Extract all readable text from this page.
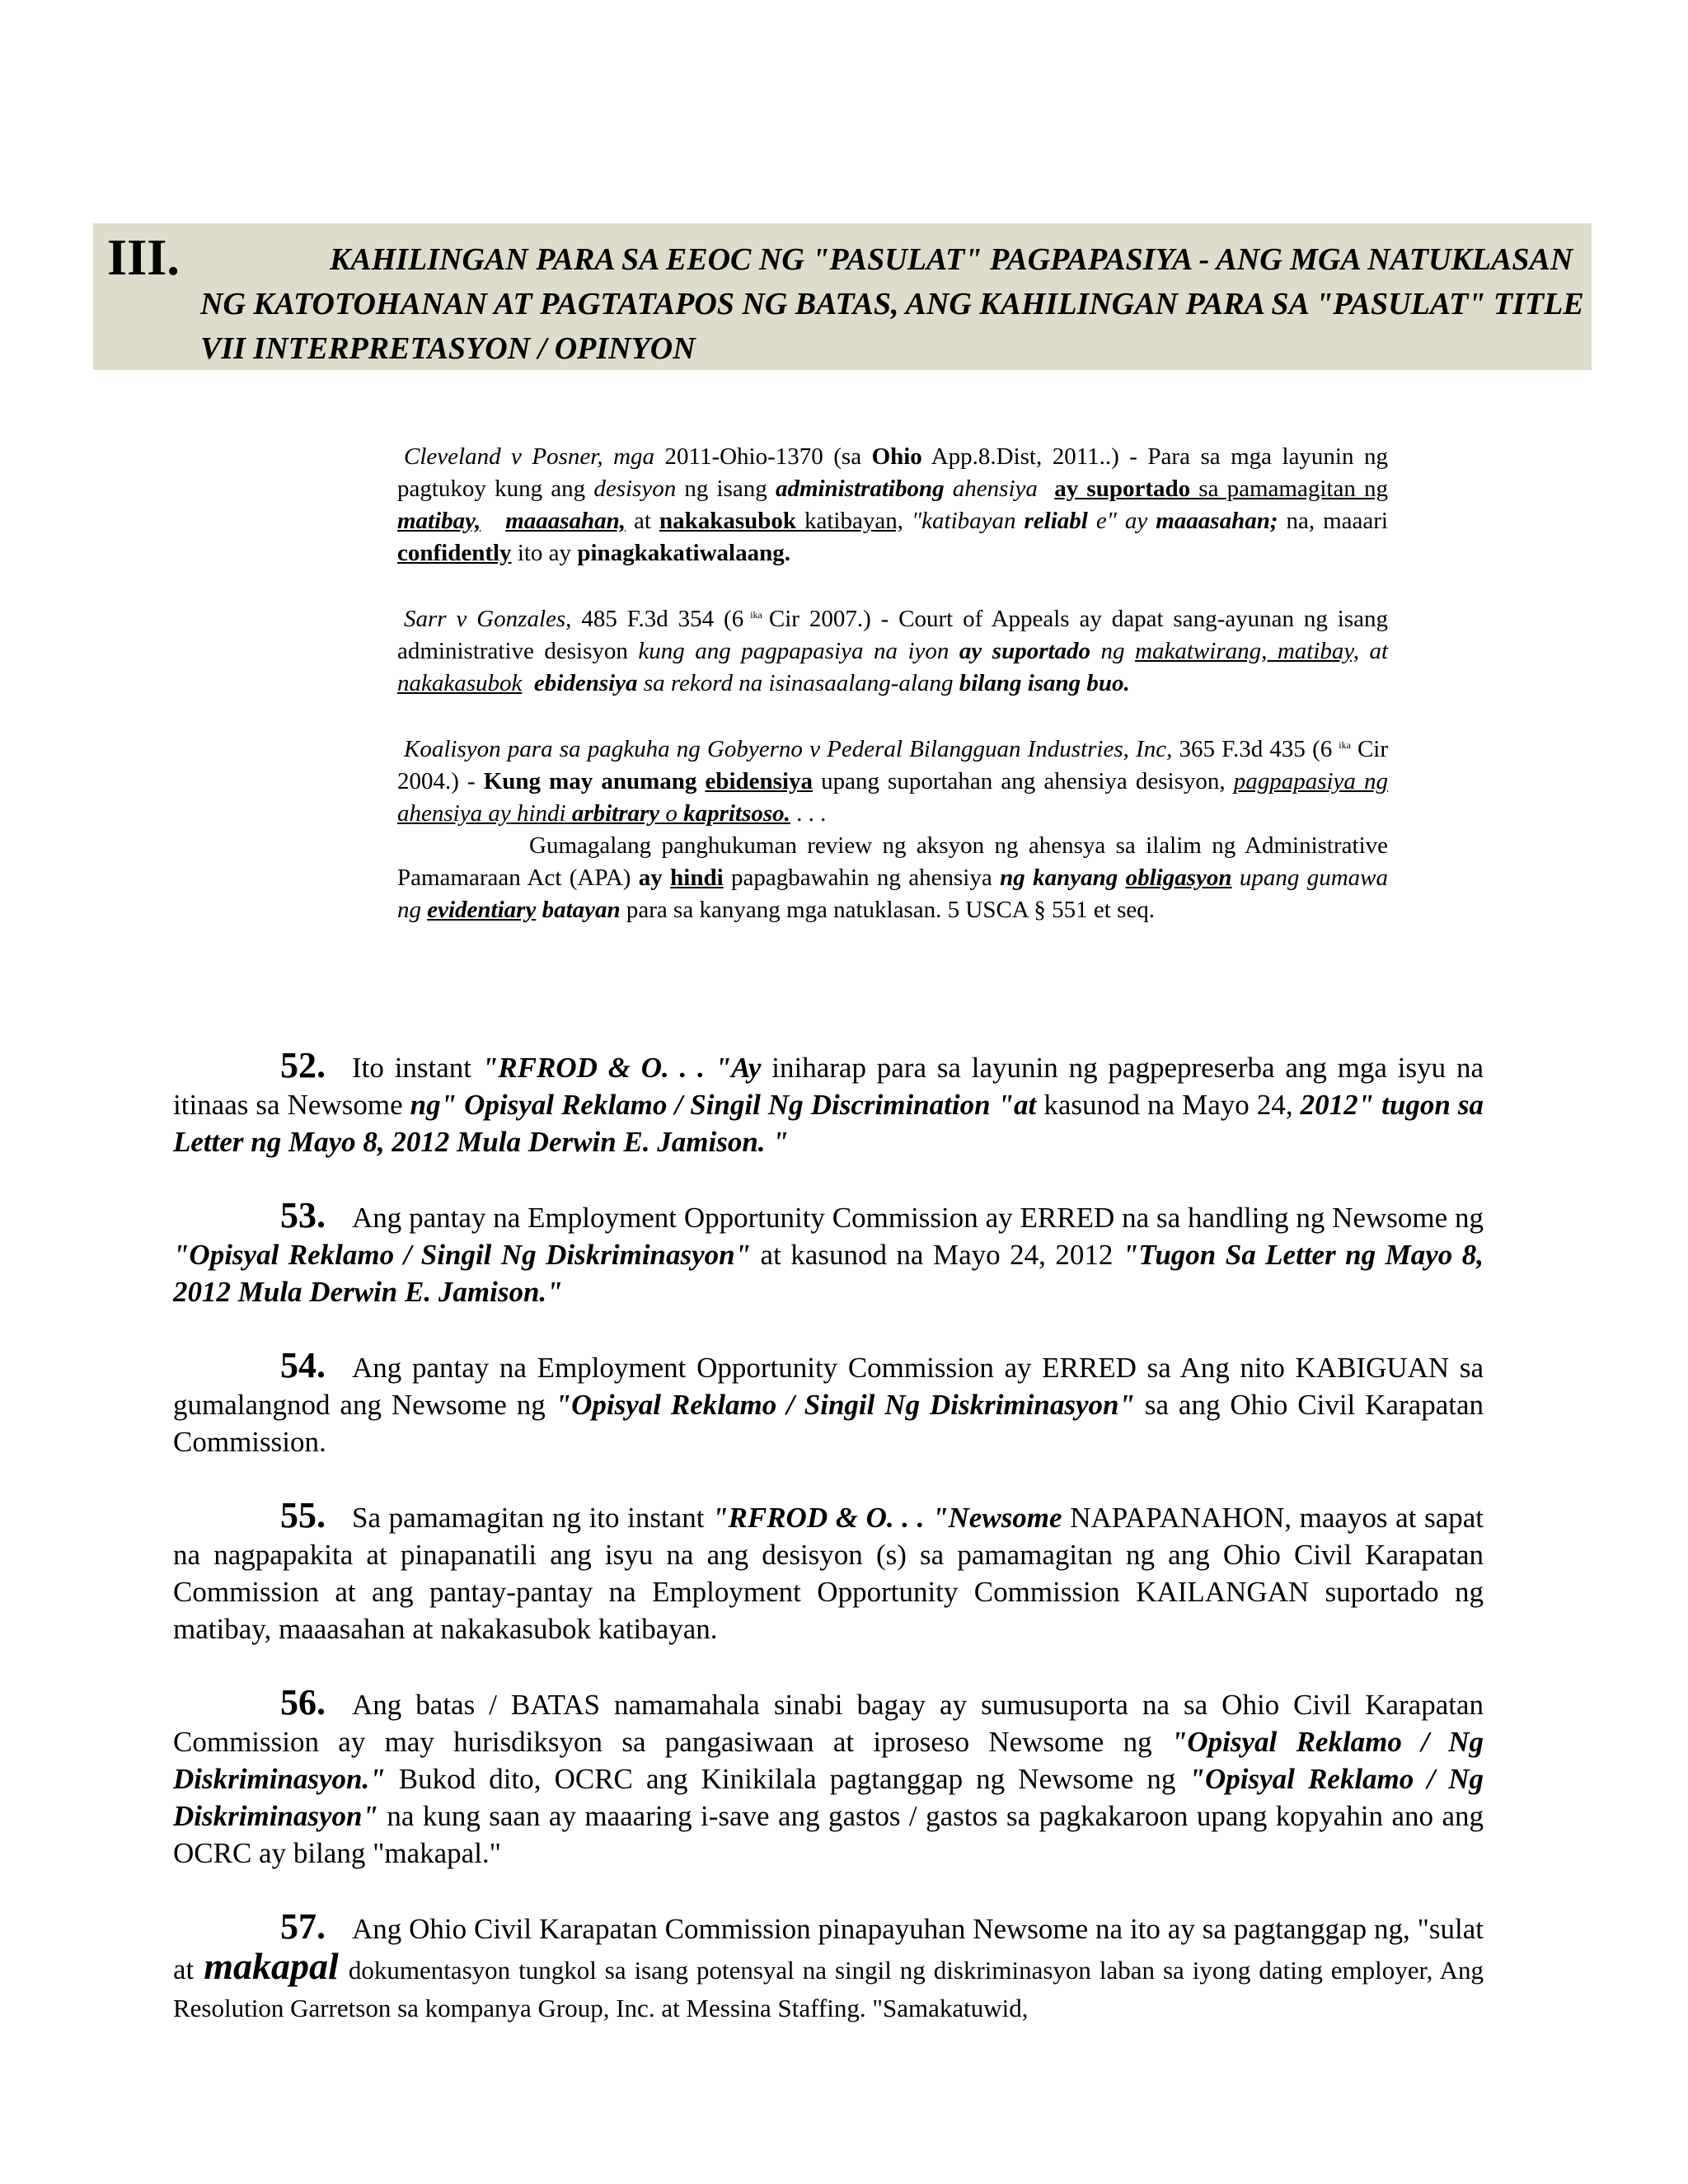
III.	KAHILINGAN PARA SA EEOC NG "PASULAT" PAGPAPASIYA - ANG MGA NATUKLASAN
NG KATOTOHANAN AT PAGTATAPOS NG BATAS, ANG KAHILINGAN PARA SA "PASULAT" TITLE
VII INTERPRETASYON / OPINYON

Cleveland v Posner, mga 2011-Ohio-1370 (sa Ohio App.8.Dist, 2011..) - Para sa mga layunin ng pagtukoy kung ang desisyon ng isang administratibong ahensiya ay suportado sa pamamagitan ng matibay, maaasahan, at nakakasubok katibayan, "katibayan reliabl e" ay maaasahan; na, maaari confidently ito ay pinagkakatiwalaang.

Sarr v Gonzales, 485 F.3d 354 (6 $^{ika}$ Cir 2007.) - Court of Appeals ay dapat sang-ayunan ng isang administrative desisyon kung ang pagpapasiya na iyon ay suportado ng makatwirang, matibay, at nakakasubok  ebidensiya sa rekord na isinasaalang-alang bilang isang buo.

Koalisyon para sa pagkuha ng Gobyerno v Pederal Bilangguan Industries, Inc, 365 F.3d 435 (6 $^{ika}$ Cir 2004.) - Kung may anumang ebidensiya upang suportahan ang ahensiya desisyon, pagpapasiya ng ahensiya ay hindi arbitrary o kapritsoso. . . .

Gumagalang panghukuman review ng aksyon ng ahensya sa ilalim ng Administrative Pamamaraan Act (APA) ay hindi papagbawahin ng ahensiya ng kanyang obligasyon upang gumawa ng evidentiary batayan para sa kanyang mga natuklasan. 5 USCA § 551 et seq.

52. Ito instant "RFROD & O. . . "Ay iniharap para sa layunin ng pagpepreserba ang mga isyu na itinaas sa Newsome ng" Opisyal Reklamo / Singil Ng Discrimination "at kasunod na Mayo 24, 2012" tugon sa Letter ng Mayo 8, 2012 Mula Derwin E. Jamison. "

53. Ang pantay na Employment Opportunity Commission ay ERRED na sa handling ng Newsome ng "Opisyal Reklamo / Singil Ng Diskriminasyon" at kasunod na Mayo 24, 2012 "Tugon Sa Letter ng Mayo 8, 2012 Mula Derwin E. Jamison."

54. Ang pantay na Employment Opportunity Commission ay ERRED sa Ang nito KABIGUAN sa gumalangnod ang Newsome ng "Opisyal Reklamo / Singil Ng Diskriminasyon" sa ang Ohio Civil Karapatan Commission.

55. Sa pamamagitan ng ito instant "RFROD & O. . . "Newsome NAPAPANAHON, maayos at sapat na nagpapakita at pinapanatili ang isyu na ang desisyon (s) sa pamamagitan ng ang Ohio Civil Karapatan Commission at ang pantay-pantay na Employment Opportunity Commission KAILANGAN suportado ng matibay, maaasahan at nakakasubok katibayan.

56. Ang batas / BATAS namamahala sinabi bagay ay sumusuporta na sa Ohio Civil Karapatan Commission ay may hurisdiksyon sa pangasiwaan at iproseso Newsome ng "Opisyal Reklamo / Ng Diskriminasyon." Bukod dito, OCRC ang Kinikilala pagtanggap ng Newsome ng "Opisyal Reklamo / Ng Diskriminasyon" na kung saan ay maaaring i-save ang gastos / gastos sa pagkakaroon upang kopyahin ano ang OCRC ay bilang "makapal."

57. Ang Ohio Civil Karapatan Commission pinapayuhan Newsome na ito ay sa pagtanggap ng, "sulat at makapal dokumentasyon tungkol sa isang potensyal na singil ng diskriminasyon laban sa iyong dating employer, Ang Resolution Garretson sa kompanya Group, Inc. at Messina Staffing. "Samakatuwid,
